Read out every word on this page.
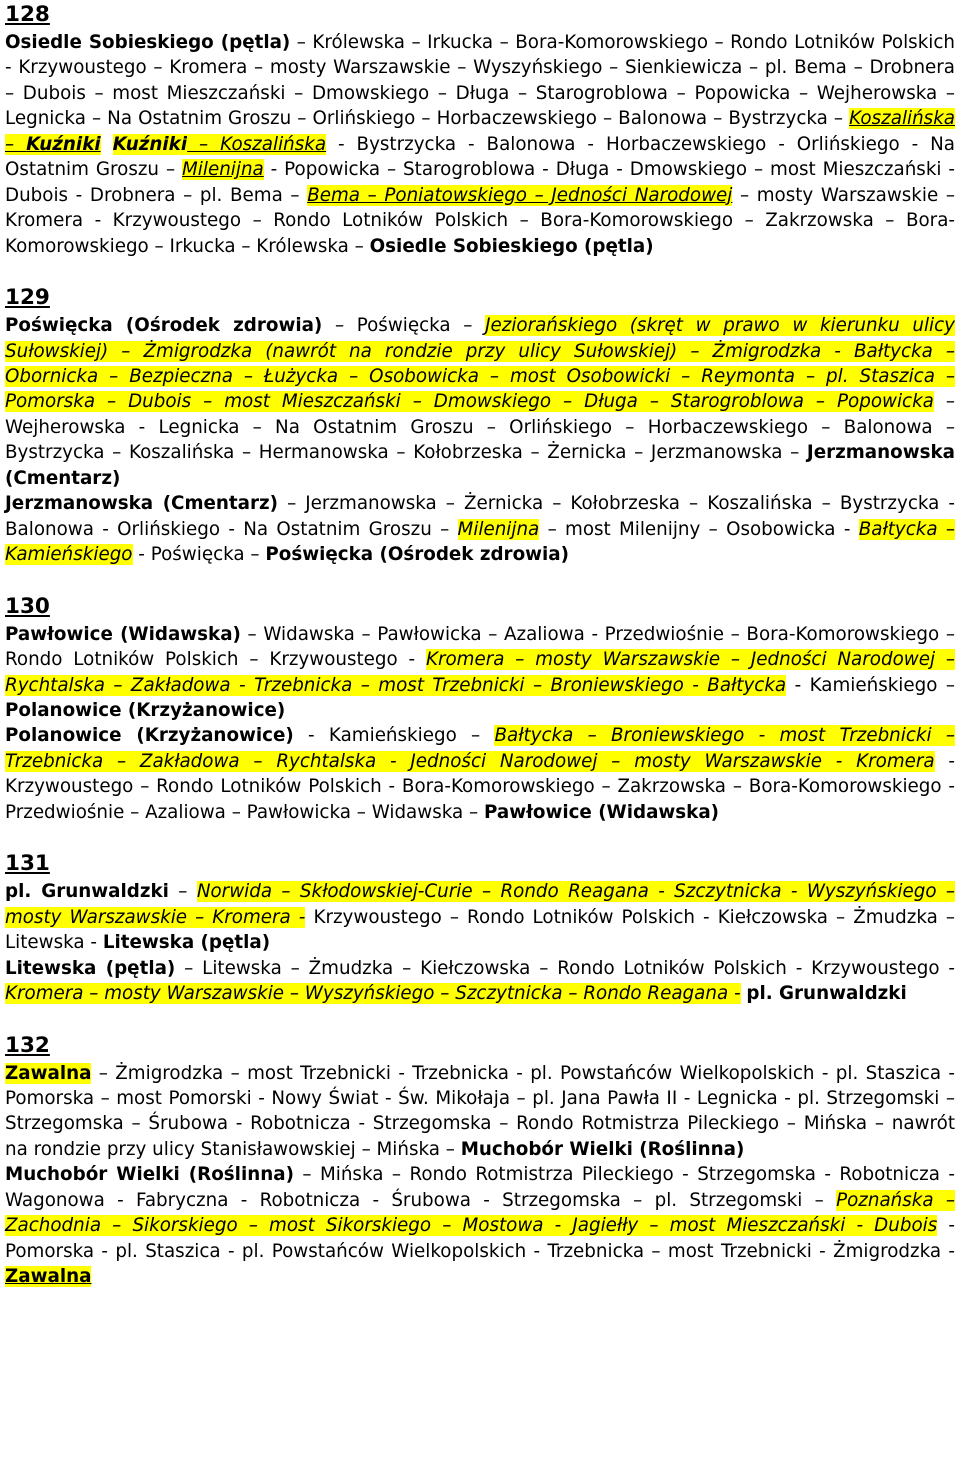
128
Osiedle Sobieskiego (pętla) – Królewska – Irkucka – Bora-Komorowskiego – Rondo Lotników Polskich - Krzywoustego – Kromera – mosty Warszawskie – Wyszyńskiego – Sienkiewicza – pl. Bema – Drobnera – Dubois – most Mieszczański – Dmowskiego – Długa – Starogroblowa – Popowicka – Wejherowska – Legnicka – Na Ostatnim Groszu – Orlińskiego – Horbaczewskiego – Balonowa – Bystrzycka – Koszalińska – Kuźniki Kuźniki – Koszalińska - Bystrzycka - Balonowa - Horbaczewskiego - Orlińskiego - Na Ostatnim Groszu – Milenijna - Popowicka – Starogroblowa - Długa - Dmowskiego – most Mieszczański - Dubois - Drobnera – pl. Bema – Bema – Poniatowskiego – Jedności Narodowej – mosty Warszawskie – Kromera - Krzywoustego – Rondo Lotników Polskich – Bora-Komorowskiego – Zakrzowska – Bora-Komorowskiego – Irkucka – Królewska – Osiedle Sobieskiego (pętla)
129
Poświęcka (Ośrodek zdrowia) – Poświęcka – Jeziorańskiego (skręt w prawo w kierunku ulicy Sułowskiej) – Żmigrodzka (nawrót na rondzie przy ulicy Sułowskiej) – Żmigrodzka - Bałtycka – Obornicka – Bezpieczna – Łużycka – Osobowicka – most Osobowicki – Reymonta – pl. Staszica – Pomorska – Dubois – most Mieszczański – Dmowskiego – Długa – Starogroblowa – Popowicka – Wejherowska - Legnicka – Na Ostatnim Groszu – Orlińskiego – Horbaczewskiego – Balonowa – Bystrzycka – Koszalińska – Hermanowska – Kołobrzeska – Żernicka – Jerzmanowska – Jerzmanowska (Cmentarz)
Jerzmanowska (Cmentarz) – Jerzmanowska – Żernicka – Kołobrzeska – Koszalińska – Bystrzycka - Balonowa - Orlińskiego - Na Ostatnim Groszu – Milenijna – most Milenijny – Osobowicka - Bałtycka – Kamieńskiego - Poświęcka – Poświęcka (Ośrodek zdrowia)
130
Pawłowice (Widawska) – Widawska – Pawłowicka – Azaliowa - Przedwiośnie – Bora-Komorowskiego – Rondo Lotników Polskich – Krzywoustego - Kromera – mosty Warszawskie – Jedności Narodowej – Rychtalska – Zakładowa - Trzebnicka – most Trzebnicki – Broniewskiego - Bałtycka - Kamieńskiego – Polanowice (Krzyżanowice)
Polanowice (Krzyżanowice) - Kamieńskiego – Bałtycka – Broniewskiego - most Trzebnicki – Trzebnicka – Zakładowa – Rychtalska - Jedności Narodowej – mosty Warszawskie - Kromera - Krzywoustego – Rondo Lotników Polskich - Bora-Komorowskiego – Zakrzowska – Bora-Komorowskiego - Przedwiośnie – Azaliowa – Pawłowicka – Widawska – Pawłowice (Widawska)
131
pl. Grunwaldzki – Norwida – Skłodowskiej-Curie – Rondo Reagana - Szczytnicka - Wyszyńskiego – mosty Warszawskie – Kromera - Krzywoustego – Rondo Lotników Polskich - Kiełczowska – Żmudzka – Litewska - Litewska (pętla)
Litewska (pętla) – Litewska – Żmudzka – Kiełczowska – Rondo Lotników Polskich - Krzywoustego - Kromera – mosty Warszawskie – Wyszyńskiego – Szczytnicka – Rondo Reagana - pl. Grunwaldzki
132
Zawalna – Żmigrodzka – most Trzebnicki - Trzebnicka - pl. Powstańców Wielkopolskich - pl. Staszica - Pomorska – most Pomorski - Nowy Świat - Św. Mikołaja – pl. Jana Pawła II - Legnicka - pl. Strzegomski – Strzegomska – Śrubowa - Robotnicza - Strzegomska – Rondo Rotmistrza Pileckiego – Mińska – nawrót na rondzie przy ulicy Stanisławowskiej – Mińska – Muchobór Wielki (Roślinna)
Muchobór Wielki (Roślinna) – Mińska – Rondo Rotmistrza Pileckiego - Strzegomska - Robotnicza - Wagonowa - Fabryczna - Robotnicza - Śrubowa - Strzegomska – pl. Strzegomski – Poznańska – Zachodnia – Sikorskiego – most Sikorskiego – Mostowa - Jagiełły – most Mieszczański - Dubois - Pomorska - pl. Staszica - pl. Powstańców Wielkopolskich - Trzebnicka – most Trzebnicki - Żmigrodzka - Zawalna
